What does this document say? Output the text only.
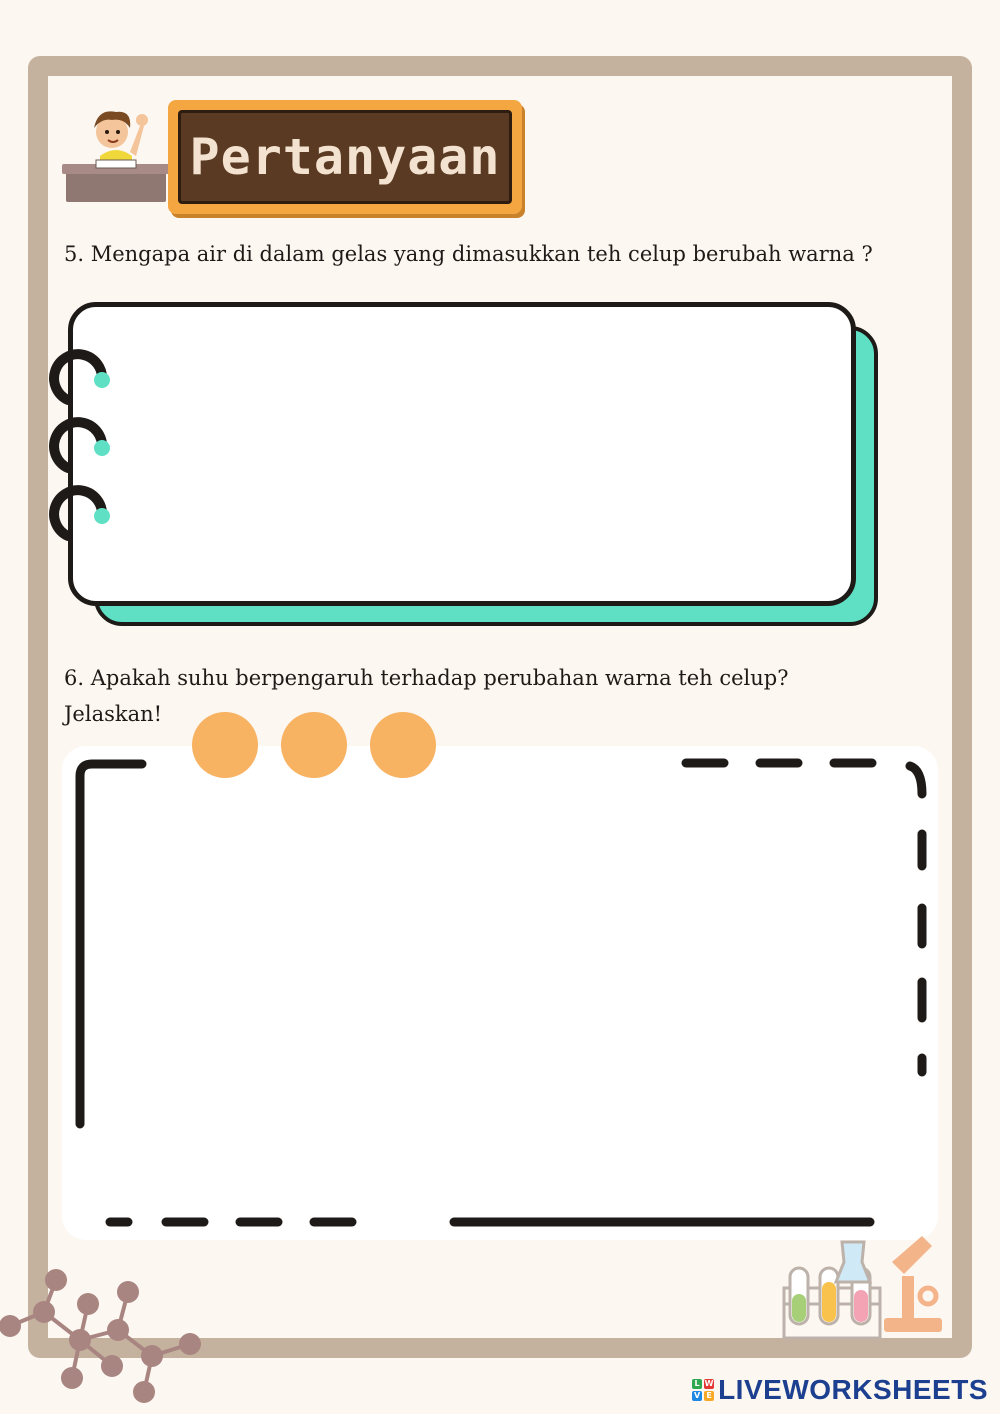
Pertanyaan
5. Mengapa air di dalam gelas yang dimasukkan teh celup berubah warna ?
6. Apakah suhu berpengaruh terhadap perubahan warna teh celup?
Jelaskan!
L W
V E LIVEWORKSHEETS
